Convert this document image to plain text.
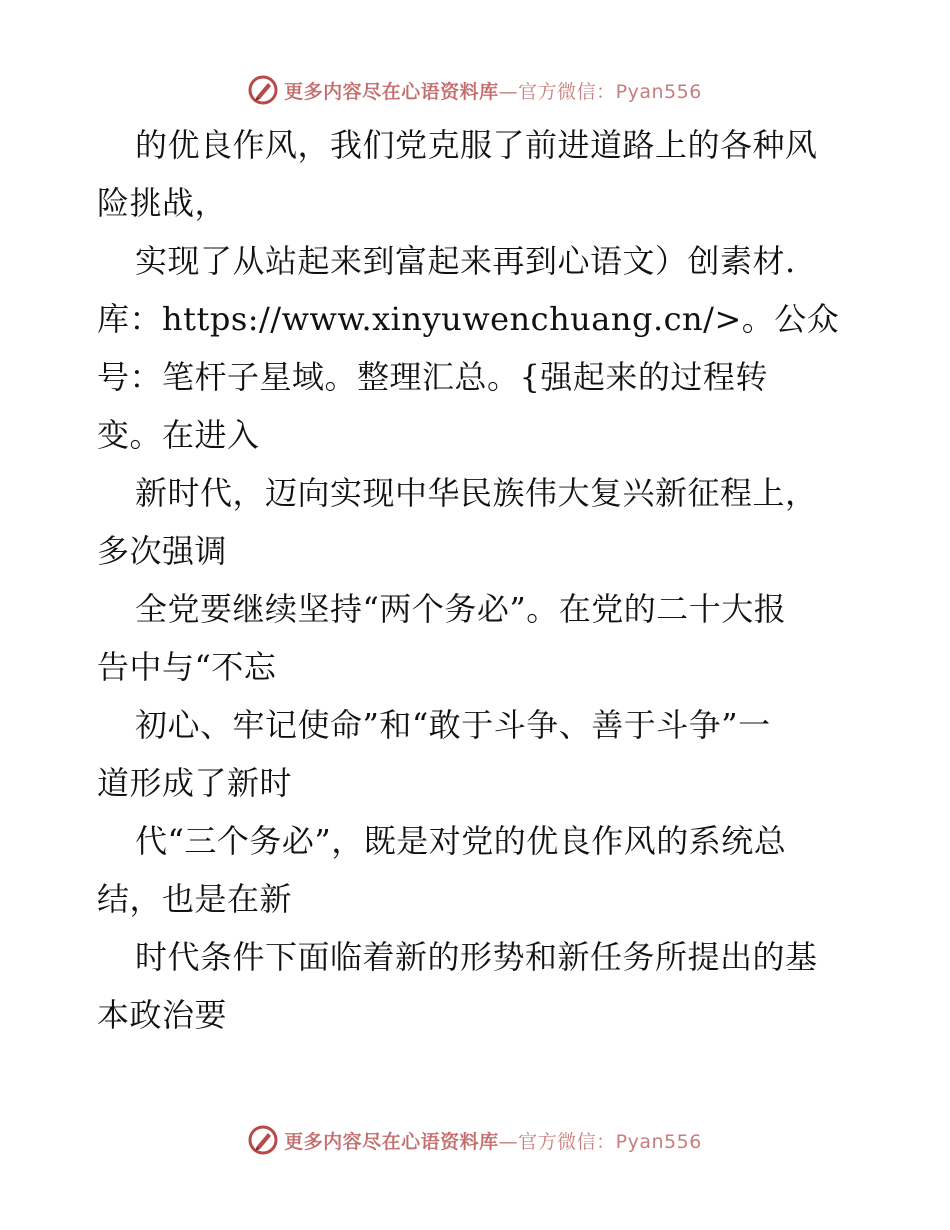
更多内容尽在心语资料库—官方微信：Pyan556
的优良作风，我们党克服了前进道路上的各种风
险挑战，
实现了从站起来到富起来再到心语文）创素材.
库：https://www.xinyuwenchuang.cn/>。公众
号：笔杆子星域。整理汇总。{强起来的过程转
变。在进入
新时代，迈向实现中华民族伟大复兴新征程上，
多次强调
全党要继续坚持“两个务必”。在党的二十大报
告中与“不忘
初心、牢记使命”和“敢于斗争、善于斗争”一
道形成了新时
代“三个务必”，既是对党的优良作风的系统总
结，也是在新
时代条件下面临着新的形势和新任务所提出的基
本政治要
更多内容尽在心语资料库—官方微信：Pyan556
